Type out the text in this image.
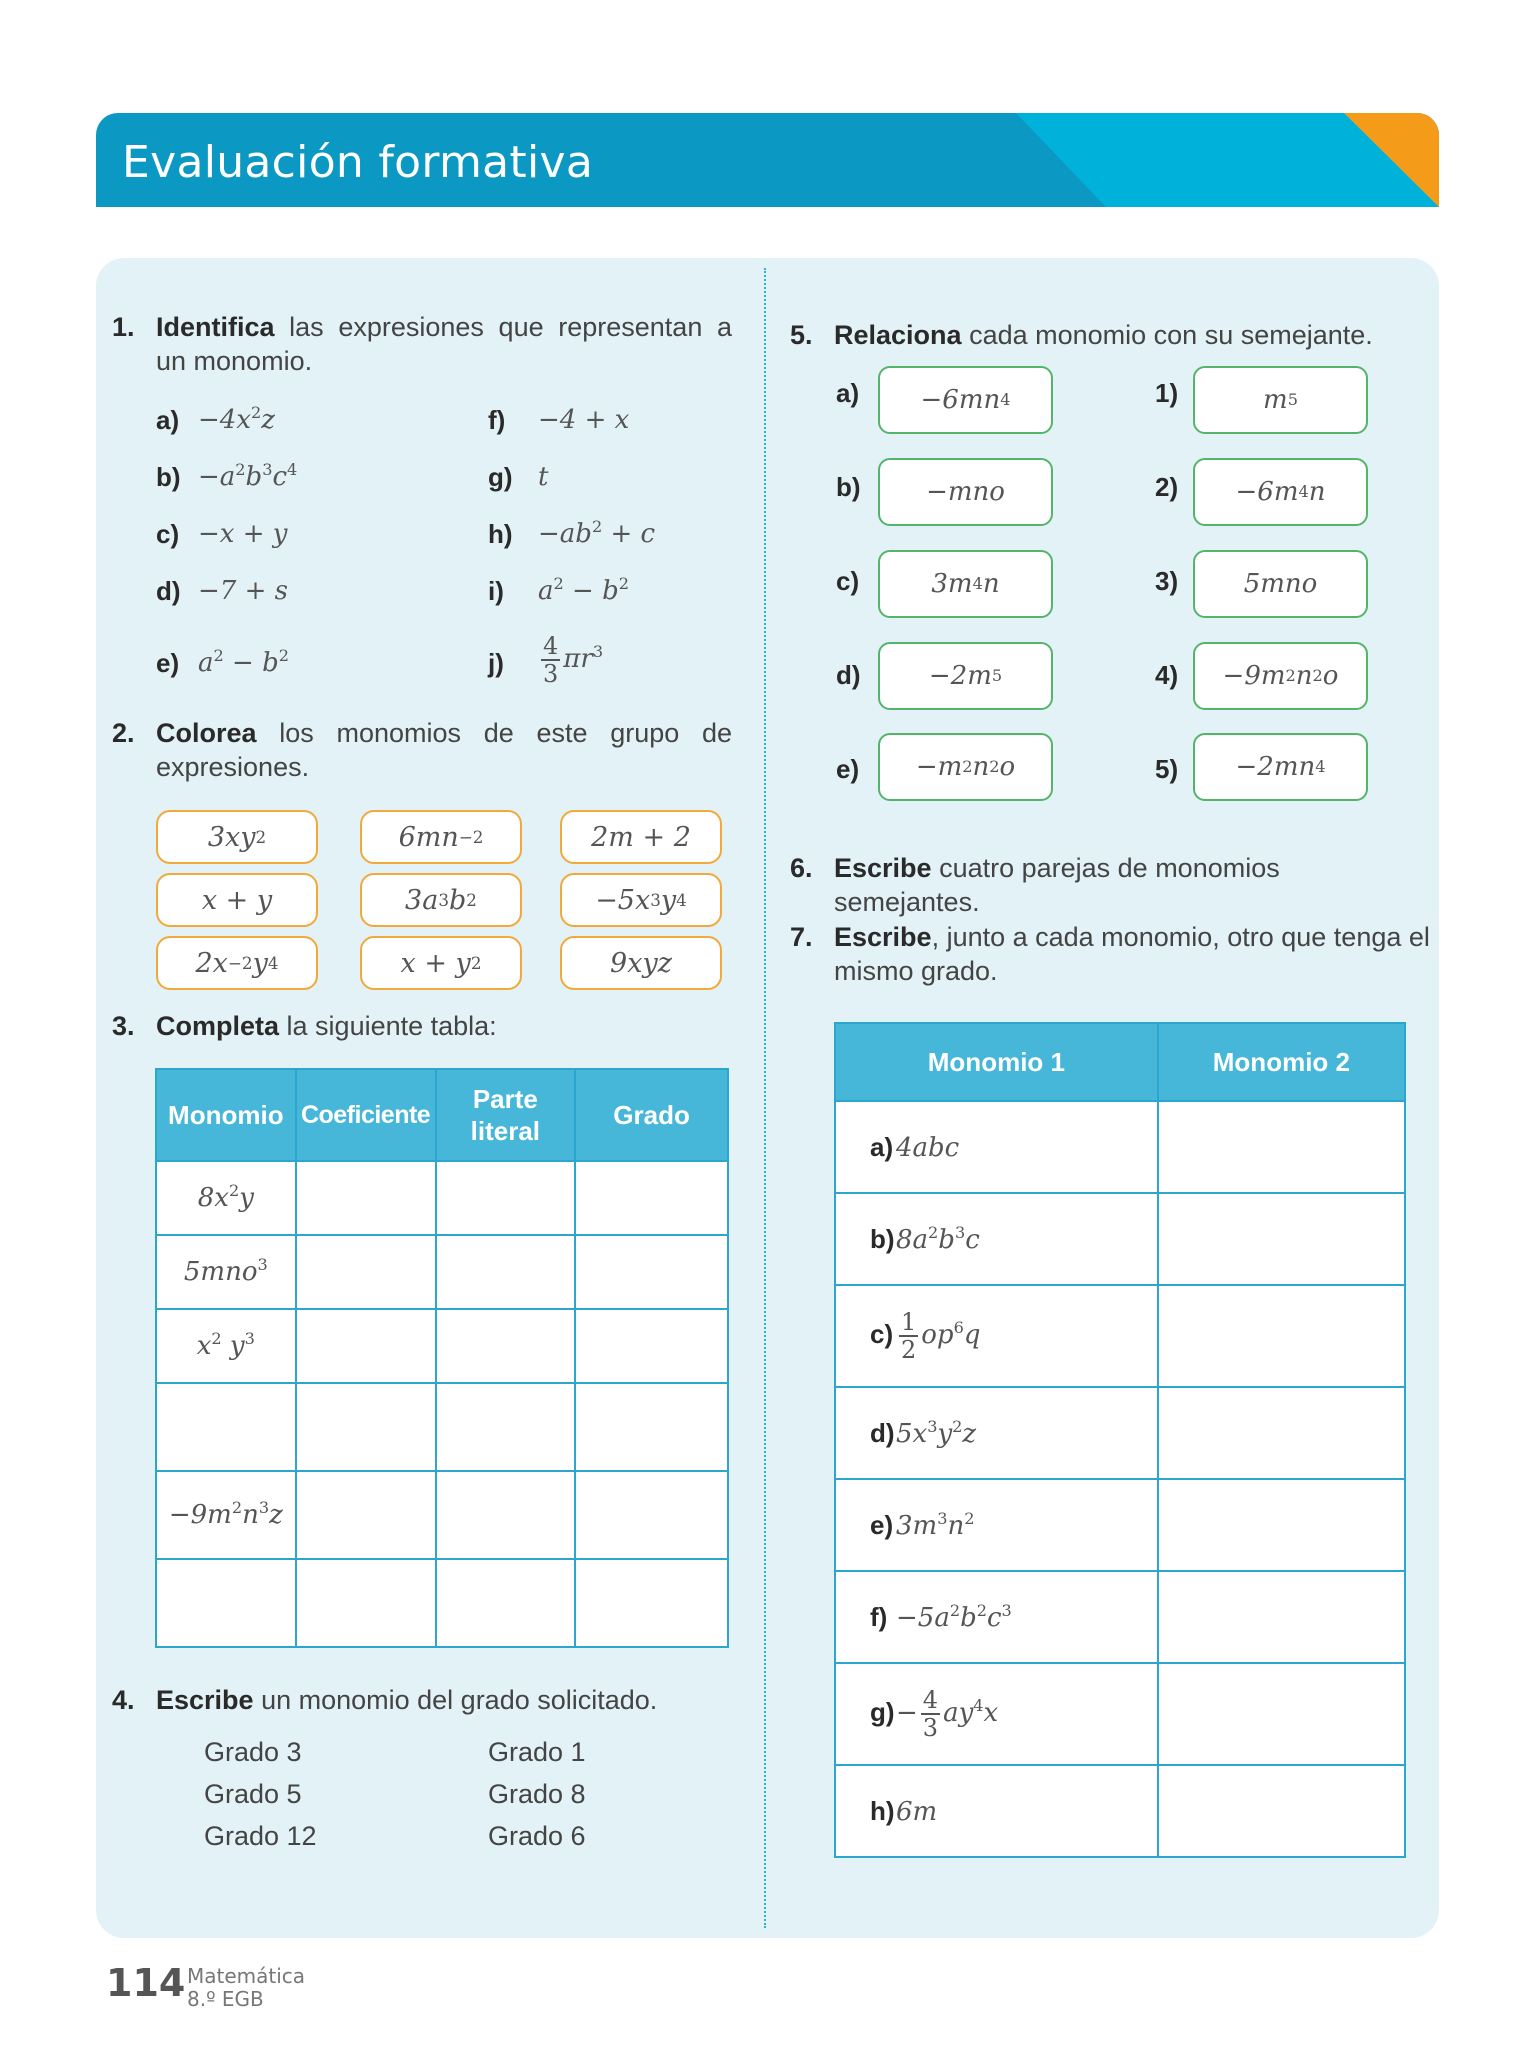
Evaluación formativa
DUA
Acción y expresión
1. Identifica las expresiones que representan a un monomio.
$a) -4x^2z$
$b) -a^2b^3c^4$
c) −x + y
d) −7 + s
e) $a^2 - b^2$
f) −4 + x
g) t
$h) -ab^2 + c$
i) $a^2 - b^2$
$j) \frac{4}{3} \pi r^3$
2. Colorea los monomios de este grupo de expresiones.
3xy 2	6mn −2	2m + 2
x + y	3a 3 b 2	−5x 3 y 4
2x −2 y 4	x + y 2	9xyz
3. Completa la siguiente tabla:
Monomio	Coeficiente	Parte literal	Grado
$8x^2y$			
5mno$^3$			
$x^2$ $y^3$			

$-9m^2n^3z$			

4. Escribe un monomio del grado solicitado.
Grado 3
Grado 5
Grado 12
Grado 1
Grado 8
Grado 6
5. Relaciona cada monomio con su semejante.
a)	−6mn 4
b)	−mno
c)	3m 4 n
d)	−2m 5
e)	−m 2 n 2 o
1)	m 5
2)	−6m 4 n
3)	5mno
4)	−9m 2 n 2 o
5)	−2mn 4
6. Escribe cuatro parejas de monomios semejantes.
7. Escribe, junto a cada monomio, otro que tenga el mismo grado.
Monomio 1	Monomio 2
a) 4abc	
$b)8a^2b^3c$	
$c) \frac{1}{2} op^6q$	
$d)5x^3y^2z$	
e) $3m^3n^2$	
$f) -5a^2b^2c^3$	
$g)- \frac{4}{3} ay^4x$	
h)6m	
114 Matemática
8.º EGB
